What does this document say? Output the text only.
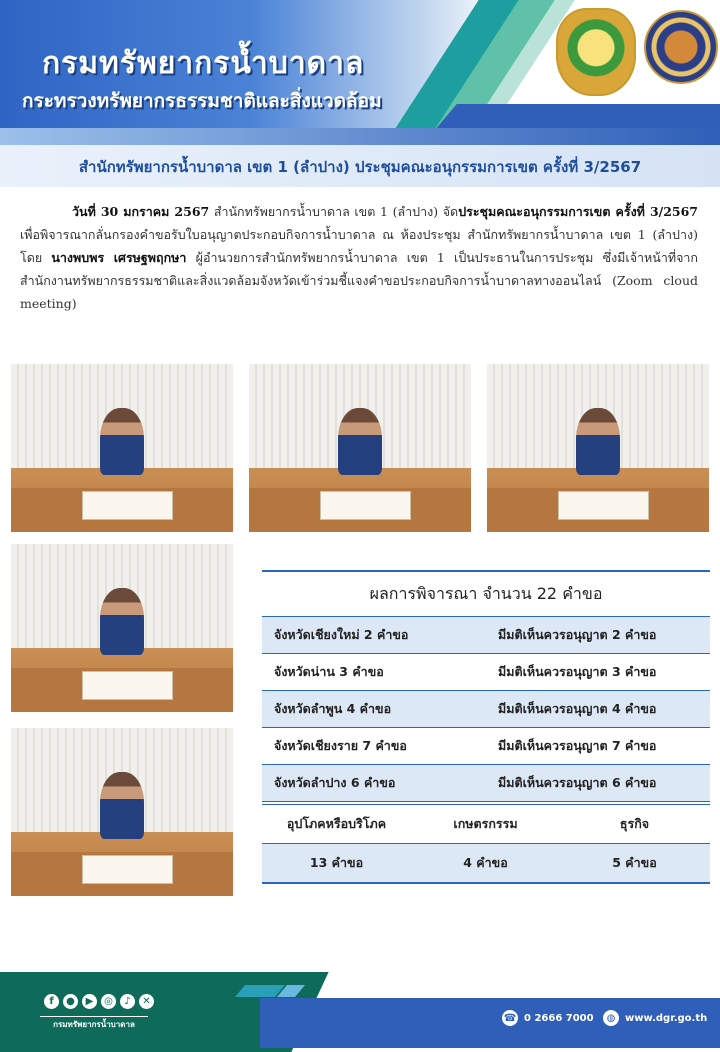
กรมทรัพยากรน้ำบาดาล
กระทรวงทรัพยากรธรรมชาติและสิ่งแวดล้อม
สำนักทรัพยากรน้ำบาดาล เขต 1 (ลำปาง) ประชุมคณะอนุกรรมการเขต ครั้งที่ 3/2567
วันที่ 30 มกราคม 2567 สำนักทรัพยากรน้ำบาดาล เขต 1 (ลำปาง) จัดประชุมคณะอนุกรรมการเขต ครั้งที่ 3/2567 เพื่อพิจารณากลั่นกรองคำขอรับใบอนุญาตประกอบกิจการน้ำบาดาล ณ ห้องประชุม สำนักทรัพยากรน้ำบาดาล เขต 1 (ลำปาง) โดย นางพบพร เศรษฐพฤกษา ผู้อำนวยการสำนักทรัพยากรน้ำบาดาล เขต 1 เป็นประธานในการประชุม ซึ่งมีเจ้าหน้าที่จากสำนักงานทรัพยากรธรรมชาติและสิ่งแวดล้อมจังหวัดเข้าร่วมชี้แจงคำขอประกอบกิจการน้ำบาดาลทางออนไลน์ (Zoom cloud meeting)
ผลการพิจารณา จำนวน 22 คำขอ
จังหวัดเชียงใหม่ 2 คำขอ	มีมติเห็นควรอนุญาต 2 คำขอ
จังหวัดน่าน 3 คำขอ	มีมติเห็นควรอนุญาต 3 คำขอ
จังหวัดลำพูน 4 คำขอ	มีมติเห็นควรอนุญาต 4 คำขอ
จังหวัดเชียงราย 7 คำขอ	มีมติเห็นควรอนุญาต 7 คำขอ
จังหวัดลำปาง 6 คำขอ	มีมติเห็นควรอนุญาต 6 คำขอ
อุปโภคหรือบริโภค	เกษตรกรรม	ธุรกิจ
13 คำขอ	4 คำขอ	5 คำขอ
f	●	▶	◎	♪	✕
กรมทรัพยากรน้ำบาดาล
☎ 0 2666 7000	◍ www.dgr.go.th
